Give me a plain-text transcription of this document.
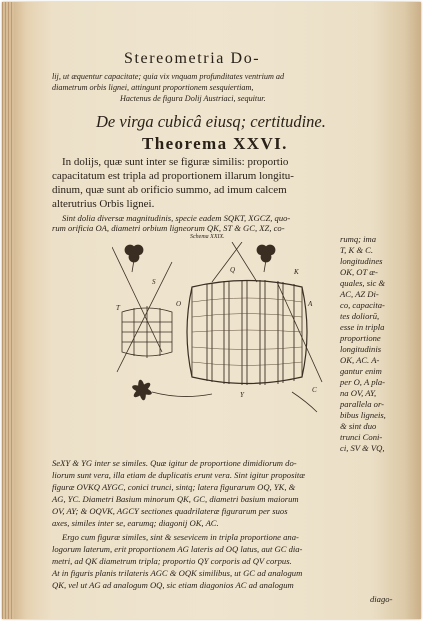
Stereometria Do-
lij, ut æquentur capacitate; quia vix vnquam profunditates ventrium ad
diametrum orbis lignei, attingunt proportionem sesquiertiam,
Hactenus de figura Dolij Austriaci, sequitur.
De virga cubicâ eiusq; certitudine.
Theorema XXVI.
In dolijs, quæ sunt inter se figuræ similis: proportio
capacitatum est tripla ad proportionem illarum longitu-
dinum, quæ sunt ab orificio summo, ad imum calcem
alterutrius Orbis lignei.
Sint dolia diversæ magnitudinis, specie eadem SQKT, XGCZ, quo-
rum orificia OA, diametri orbium ligneorum QK, ST & GC, XZ, co-
Schema XXIX.
S
Q	K
T	A
O
Y
C
rumq; ima
T, K & C.
longitudines
OK, OT æ-
quales, sic &
AC, AZ Di-
co, capacita-
tes doliorū,
esse in tripla
proportione
longitudinis
OK, AC. A-
gantur enim
per O, A pla-
na OV, AY,
parallela or-
bibus ligneis,
& sint duo
trunci Coni-
ci, SV & VQ,
SeXY & YG inter se similes. Quæ igitur de proportione dimidiorum do-
liorum sunt vera, illa etiam de duplicatis erunt vera. Sint igitur propositæ
figuræ OVKQ AYGC, conici trunci, sintq; latera figurarum OQ, YK, &
AG, YC. Diametri Basium minorum QK, GC, diametri basium maiorum
OV, AY; & OQVK, AGCY sectiones quadrilateræ figurarum per suos
axes, similes inter se, earumq; diagonij OK, AC.
Ergo cum figuræ similes, sint & sesevicem in tripla proportione ana-
logorum laterum, erit proportionem AG lateris ad OQ latus, aut GC dia-
metri, ad QK diametrum tripla; proportio QY corporis ad QV corpus.
At in figuris planis trilateris AGC & OQK similibus, ut GC ad analogum
QK, vel ut AG ad analogum OQ, sic etiam diagonios AC ad analogum
diago-
